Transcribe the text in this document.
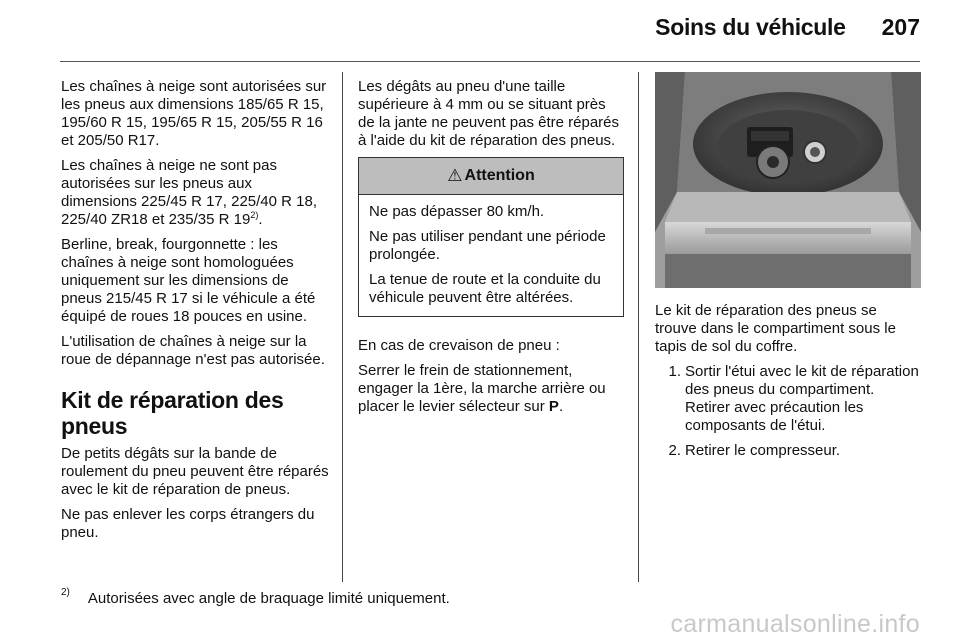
Soins du véhicule 207

Les chaînes à neige sont autorisées sur les pneus aux dimensions 185/65 R 15, 195/60 R 15, 195/65 R 15, 205/55 R 16 et 205/50 R17.

Les chaînes à neige ne sont pas autorisées sur les pneus aux dimensions 225/45 R 17, 225/40 R 18, 225/40 ZR18 et 235/35 R 19$^{2)}$.

Berline, break, fourgonnette : les chaînes à neige sont homologuées uniquement sur les dimensions de pneus 215/45 R 17 si le véhicule a été équipé de roues 18 pouces en usine.

L'utilisation de chaînes à neige sur la roue de dépannage n'est pas autorisée.

Kit de réparation des pneus

De petits dégâts sur la bande de roulement du pneu peuvent être réparés avec le kit de réparation de pneus.

Ne pas enlever les corps étrangers du pneu.

Les dégâts au pneu d'une taille supérieure à 4 mm ou se situant près de la jante ne peuvent pas être réparés à l'aide du kit de réparation des pneus.

⚠ Attention

Ne pas dépasser 80 km/h.

Ne pas utiliser pendant une période prolongée.

La tenue de route et la conduite du véhicule peuvent être altérées.

En cas de crevaison de pneu :

Serrer le frein de stationnement, engager la 1ère, la marche arrière ou placer le levier sélecteur sur P.

Le kit de réparation des pneus se trouve dans le compartiment sous le tapis de sol du coffre.

1. Sortir l'étui avec le kit de réparation des pneus du compartiment. Retirer avec précaution les composants de l'étui.
2. Retirer le compresseur.
2) Autorisées avec angle de braquage limité uniquement.
carmanualsonline.info
